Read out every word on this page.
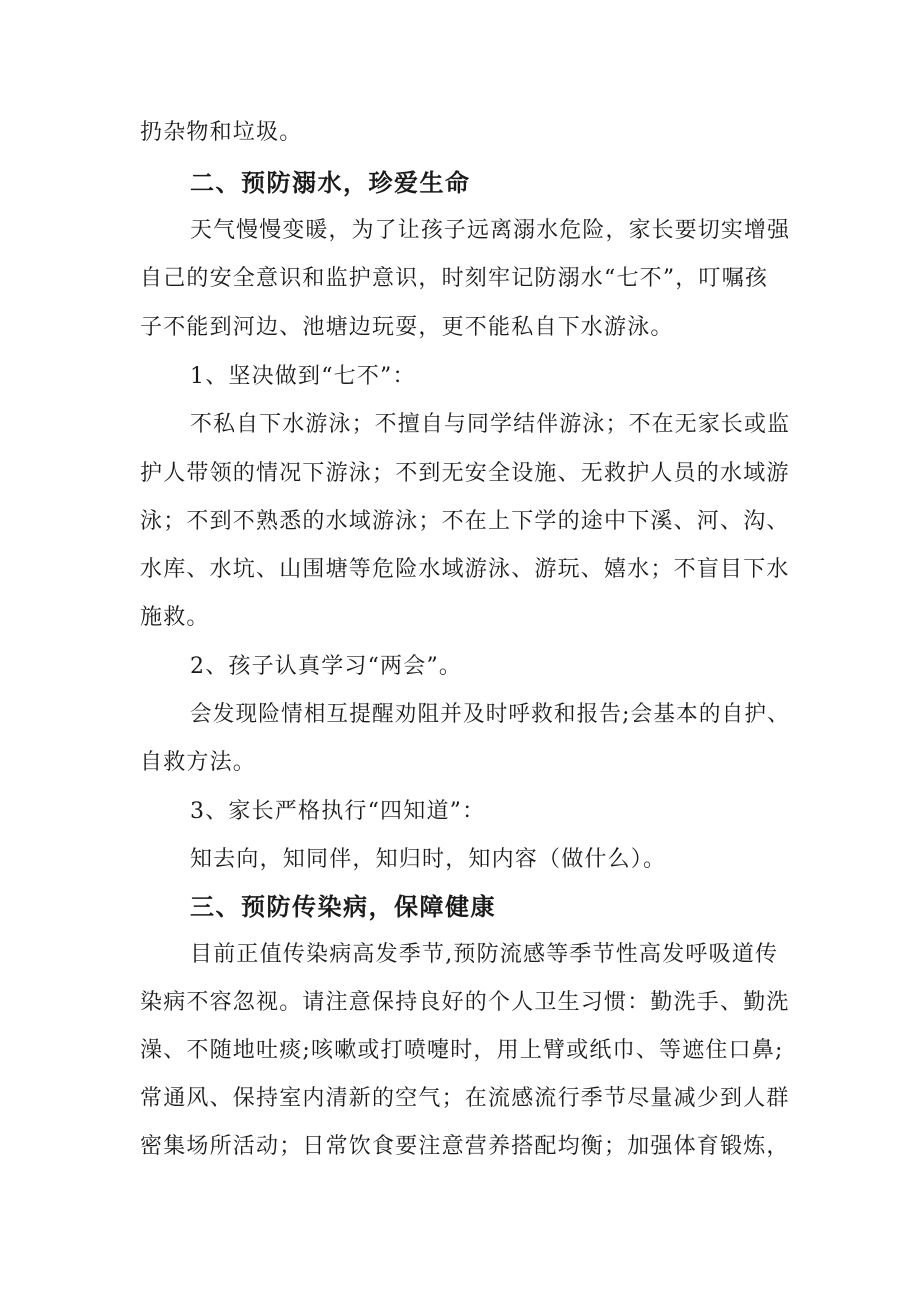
扔杂物和垃圾。
二、预防溺水，珍爱生命
天气慢慢变暖，为了让孩子远离溺水危险，家长要切实增强
自己的安全意识和监护意识，时刻牢记防溺水“七不”，叮嘱孩
子不能到河边、池塘边玩耍，更不能私自下水游泳。
1、坚决做到“七不”：
不私自下水游泳；不擅自与同学结伴游泳；不在无家长或监
护人带领的情况下游泳；不到无安全设施、无救护人员的水域游
泳；不到不熟悉的水域游泳；不在上下学的途中下溪、河、沟、
水库、水坑、山围塘等危险水域游泳、游玩、嬉水；不盲目下水
施救。
2、孩子认真学习“两会”。
会发现险情相互提醒劝阻并及时呼救和报告;会基本的自护、
自救方法。
3、家长严格执行“四知道”：
知去向，知同伴，知归时，知内容（做什么）。
三、预防传染病，保障健康
目前正值传染病高发季节,预防流感等季节性高发呼吸道传
染病不容忽视。请注意保持良好的个人卫生习惯：勤洗手、勤洗
澡、不随地吐痰;咳嗽或打喷嚏时，用上臂或纸巾、等遮住口鼻;
常通风、保持室内清新的空气；在流感流行季节尽量减少到人群
密集场所活动；日常饮食要注意营养搭配均衡；加强体育锻炼，
